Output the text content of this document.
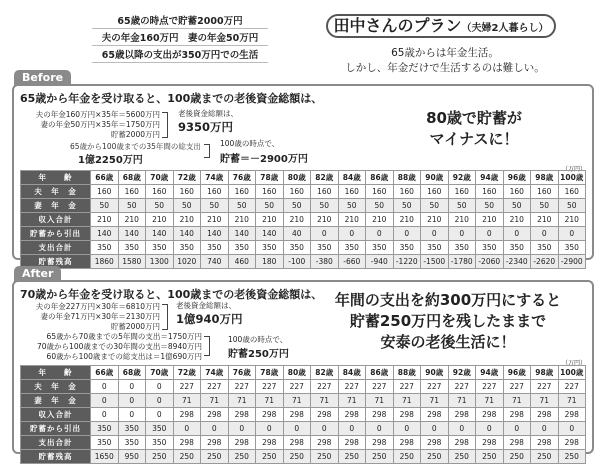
65歳の時点で貯蓄2000万円
夫の年金160万円　妻の年金50万円
65歳以降の支出が350万円での生活
田中さんのプラン（夫婦2人暮らし）
65歳からは年金生活。
しかし、年金だけで生活するのは難しい。
Before
65歳から年金を受け取ると、100歳までの老後資金総額は、
夫の年金160万円×35年＝5600万円
妻の年金50万円×35年＝1750万円
貯蓄2000万円
老後資金総額は、
9350万円
65歳から100歳までの35年間の総支出
1億2250万円
100歳の時点で、
貯蓄＝－2900万円
80歳で貯蓄が
マイナスに！
（万円）
年　　齢	66歳	68歳	70歳	72歳	74歳	76歳	78歳	80歳	82歳	84歳	86歳	88歳	90歳	92歳	94歳	96歳	98歳	100歳
夫　年　金	160	160	160	160	160	160	160	160	160	160	160	160	160	160	160	160	160	160
妻　年　金	50	50	50	50	50	50	50	50	50	50	50	50	50	50	50	50	50	50
収入合計	210	210	210	210	210	210	210	210	210	210	210	210	210	210	210	210	210	210
貯蓄から引出	140	140	140	140	140	140	140	40	0	0	0	0	0	0	0	0	0	0
支出合計	350	350	350	350	350	350	350	350	350	350	350	350	350	350	350	350	350	350
貯蓄残高	1860	1580	1300	1020	740	460	180	-100	-380	-660	-940	-1220	-1500	-1780	-2060	-2340	-2620	-2900
After
70歳から年金を受け取ると、100歳までの老後資金総額は、
夫の年金227万円×30年＝6810万円
妻の年金71万円×30年＝2130万円
貯蓄2000万円
老後資金総額は、
1億940万円
65歳から70歳までの5年間の支出＝1750万円
70歳から100歳までの30年間の支出＝8940万円
60歳から100歳までの総支出は＝1億690万円
100歳の時点で、
貯蓄250万円
年間の支出を約300万円にすると
貯蓄250万円を残したままで
安泰の老後生活に！
（万円）
年　　齢	66歳	68歳	70歳	72歳	74歳	76歳	78歳	80歳	82歳	84歳	86歳	88歳	90歳	92歳	94歳	96歳	98歳	100歳
夫　年　金	0	0	0	227	227	227	227	227	227	227	227	227	227	227	227	227	227	227
妻　年　金	0	0	0	71	71	71	71	71	71	71	71	71	71	71	71	71	71	71
収入合計	0	0	0	298	298	298	298	298	298	298	298	298	298	298	298	298	298	298
貯蓄から引出	350	350	350	0	0	0	0	0	0	0	0	0	0	0	0	0	0	0
支出合計	350	350	350	298	298	298	298	298	298	298	298	298	298	298	298	298	298	298
貯蓄残高	1650	950	250	250	250	250	250	250	250	250	250	250	250	250	250	250	250	250
